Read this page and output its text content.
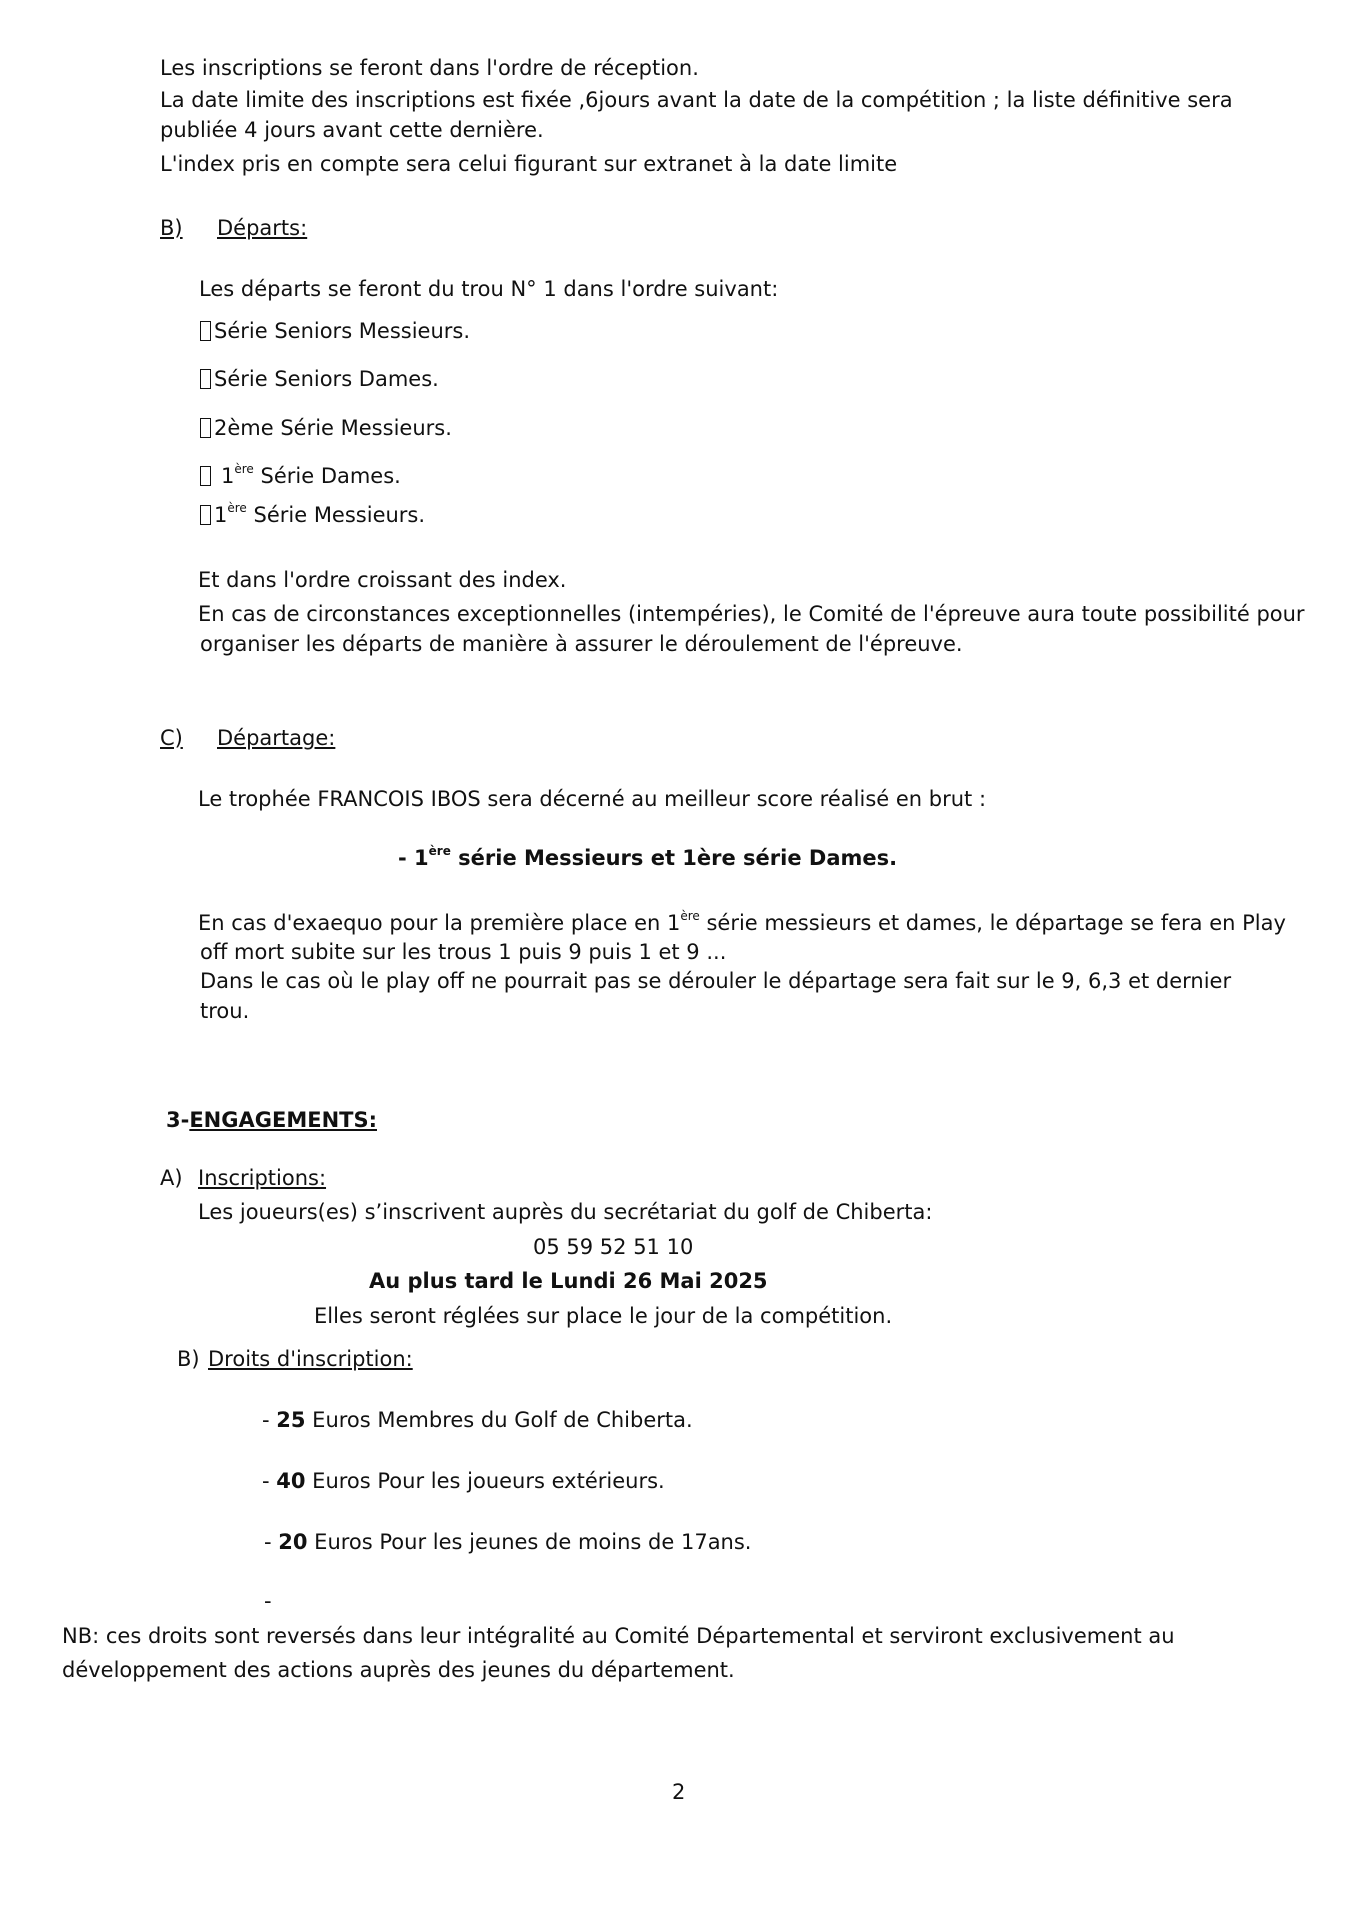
Les inscriptions se feront dans l'ordre de réception.
La date limite des inscriptions est fixée ,6jours avant la date de la compétition ; la liste définitive sera
publiée 4 jours avant cette dernière.
L'index pris en compte sera celui figurant sur extranet à la date limite
B) Départs:
Les départs se feront du trou N° 1 dans l'ordre suivant:
Série Seniors Messieurs.
Série Seniors Dames.
2ème Série Messieurs.
1ère Série Dames.
1ère Série Messieurs.
Et dans l'ordre croissant des index.
En cas de circonstances exceptionnelles (intempéries), le Comité de l'épreuve aura toute possibilité pour
organiser les départs de manière à assurer le déroulement de l'épreuve.
C) Départage:
Le trophée FRANCOIS IBOS sera décerné au meilleur score réalisé en brut :
- 1ère série Messieurs et 1ère série Dames.
En cas d'exaequo pour la première place en 1ère série messieurs et dames, le départage se fera en Play
off mort subite sur les trous 1 puis 9 puis 1 et 9 ...
Dans le cas où le play off ne pourrait pas se dérouler le départage sera fait sur le 9, 6,3 et dernier
trou.
3-ENGAGEMENTS:
A) Inscriptions:
Les joueurs(es) s’inscrivent auprès du secrétariat du golf de Chiberta:
05 59 52 51 10
Au plus tard le Lundi 26 Mai 2025
Elles seront réglées sur place le jour de la compétition.
B) Droits d'inscription:
- 25 Euros Membres du Golf de Chiberta.
- 40 Euros Pour les joueurs extérieurs.
- 20 Euros Pour les jeunes de moins de 17ans.
-
NB: ces droits sont reversés dans leur intégralité au Comité Départemental et serviront exclusivement au
développement des actions auprès des jeunes du département.
2
